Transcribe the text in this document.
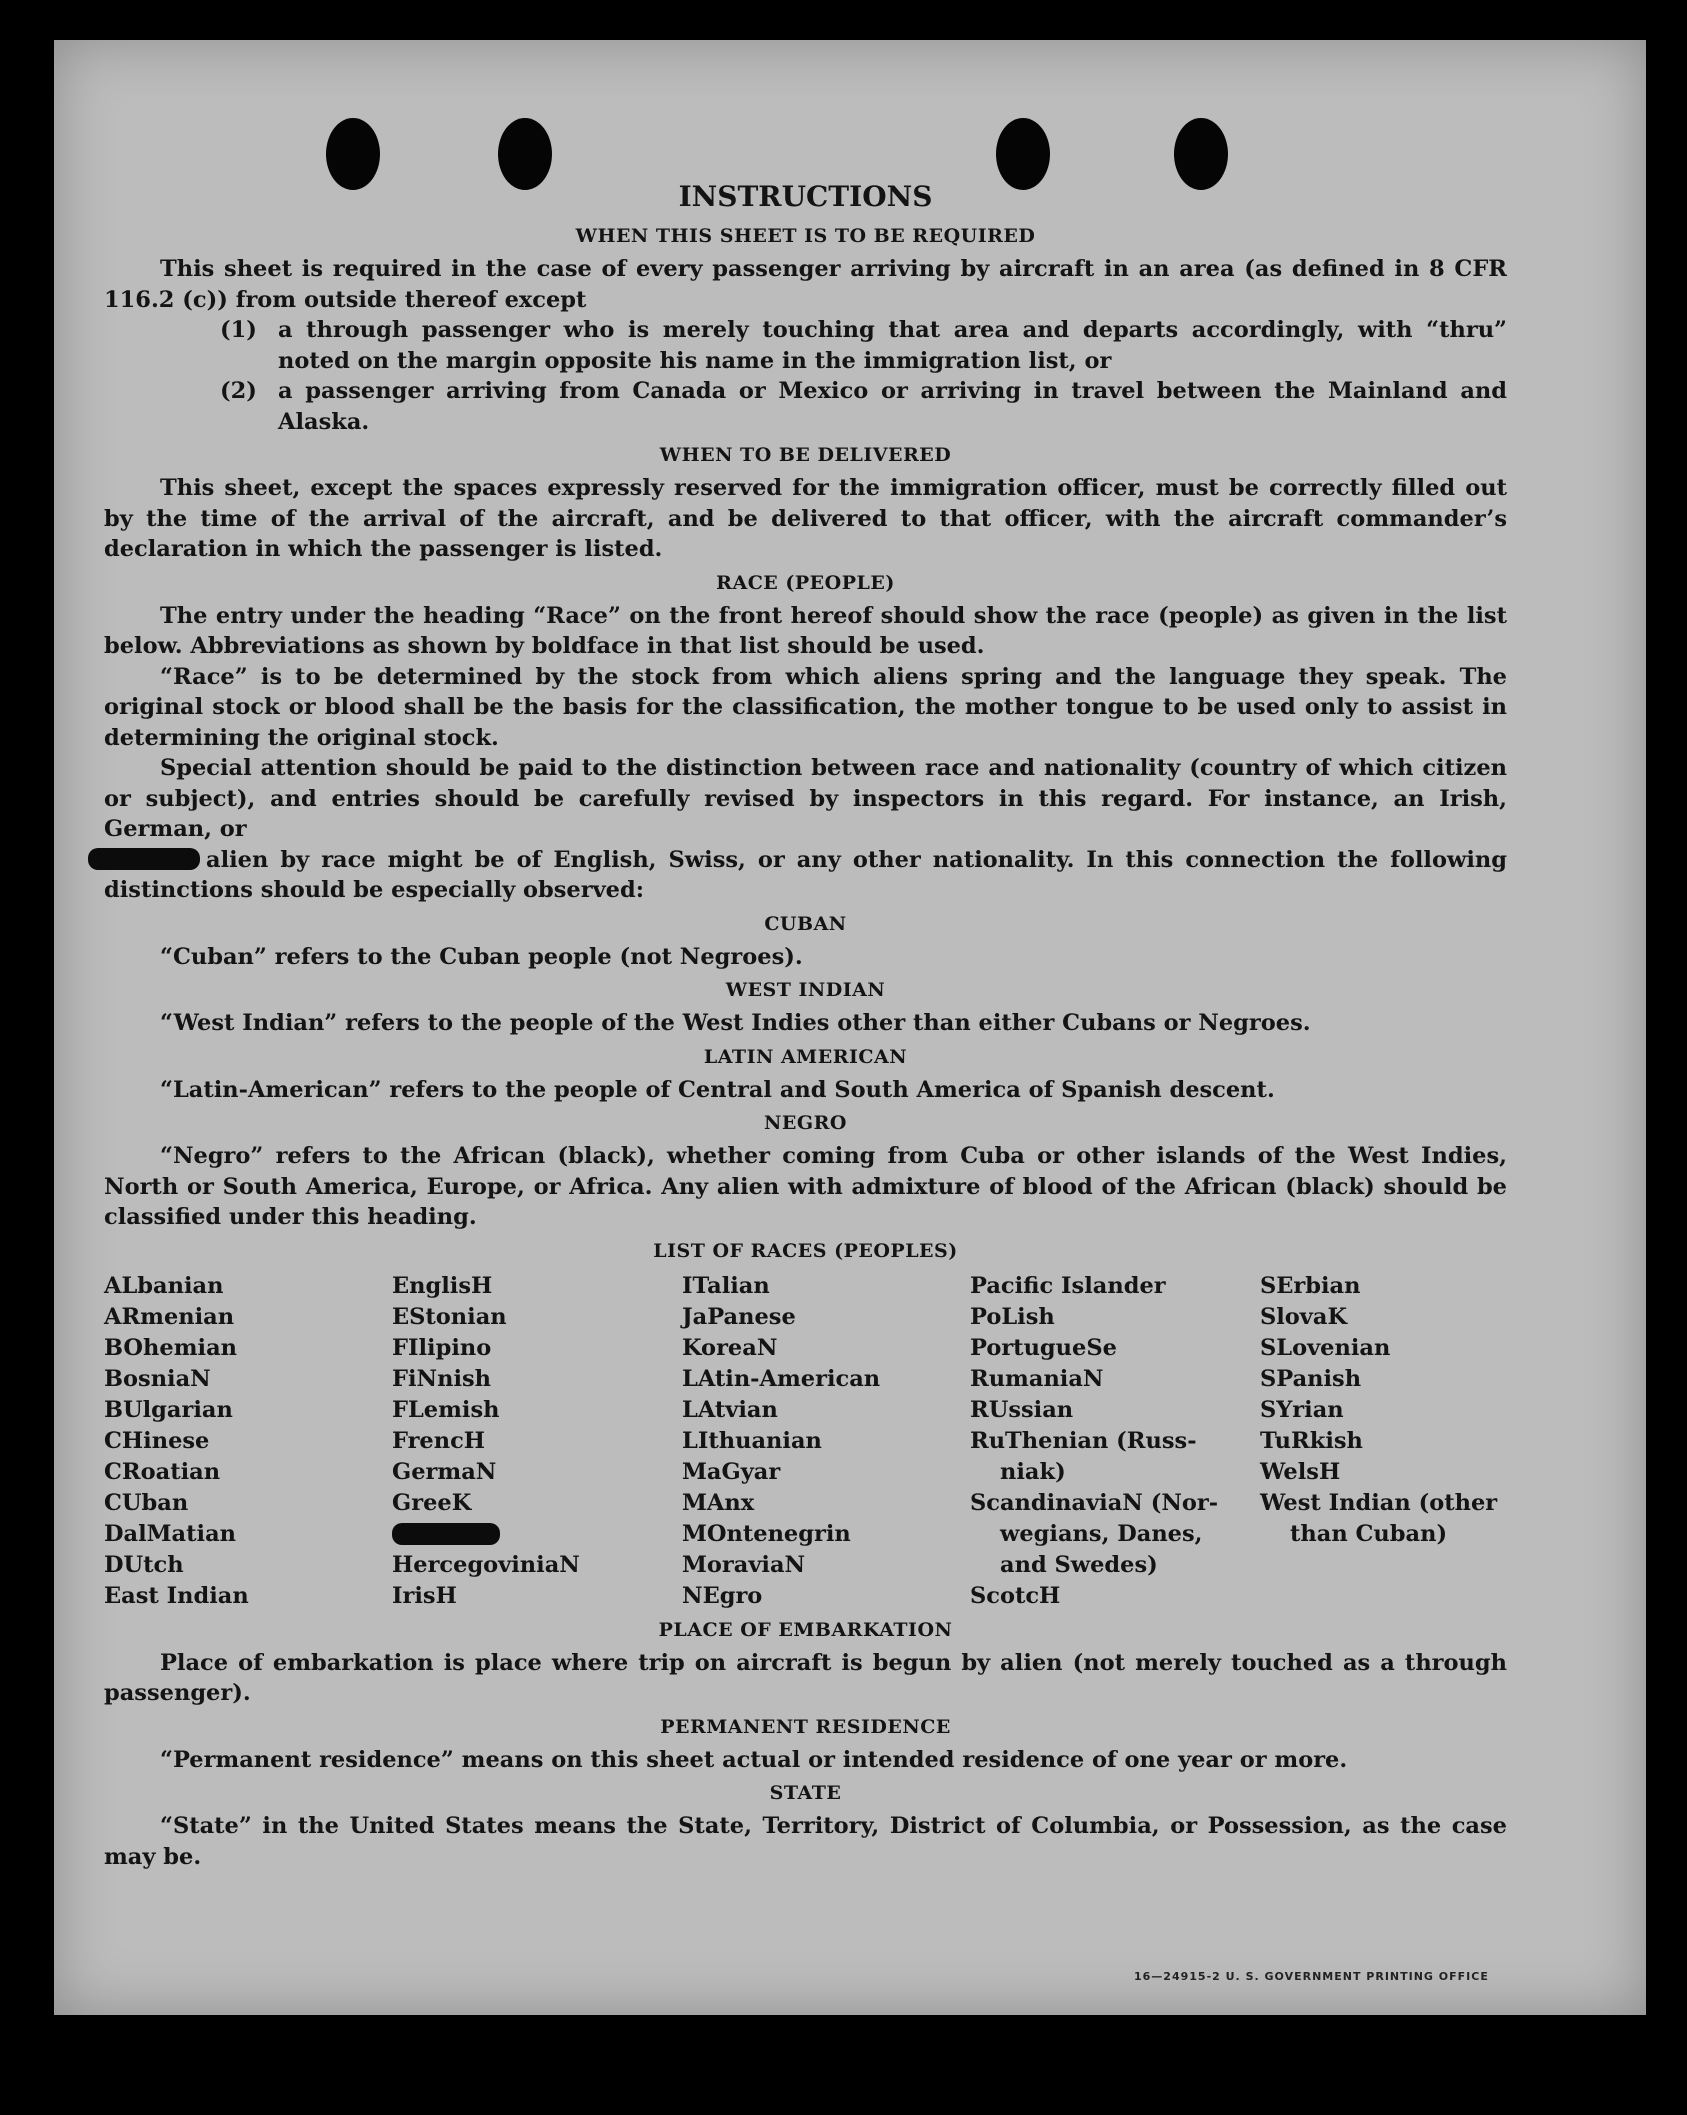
INSTRUCTIONS
WHEN THIS SHEET IS TO BE REQUIRED

This sheet is required in the case of every passenger arriving by aircraft in an area (as defined in 8 CFR 116.2 (c)) from outside thereof except

(1) a through passenger who is merely touching that area and departs accordingly, with “thru” noted on the margin opposite his name in the immigration list, or

(2) a passenger arriving from Canada or Mexico or arriving in travel between the Mainland and Alaska.

WHEN TO BE DELIVERED

This sheet, except the spaces expressly reserved for the immigration officer, must be correctly filled out by the time of the arrival of the aircraft, and be delivered to that officer, with the aircraft commander’s declaration in which the passenger is listed.

RACE (PEOPLE)

The entry under the heading “Race” on the front hereof should show the race (people) as given in the list below. Abbreviations as shown by boldface in that list should be used.

“Race” is to be determined by the stock from which aliens spring and the language they speak. The original stock or blood shall be the basis for the classification, the mother tongue to be used only to assist in determining the original stock.

Special attention should be paid to the distinction between race and nationality (country of which citizen or subject), and entries should be carefully revised by inspectors in this regard. For instance, an Irish, German, or
alien by race might be of English, Swiss, or any other nationality. In this connection the following distinctions should be especially observed:

CUBAN

“Cuban” refers to the Cuban people (not Negroes).

WEST INDIAN

“West Indian” refers to the people of the West Indies other than either Cubans or Negroes.

LATIN AMERICAN

“Latin-American” refers to the people of Central and South America of Spanish descent.

NEGRO

“Negro” refers to the African (black), whether coming from Cuba or other islands of the West Indies, North or South America, Europe, or Africa. Any alien with admixture of blood of the African (black) should be classified under this heading.

LIST OF RACES (PEOPLES)
ALbanian
ARmenian
BOhemian
BosniaN
BUlgarian
CHinese
CRoatian
CUban
DalMatian
DUtch
East Indian
EnglisH
EStonian
FIlipino
FiNnish
FLemish
FrencH
GermaN
GreeK
HercegoviniaN
IrisH
ITalian
JaPanese
KoreaN
LAtin-American
LAtvian
LIthuanian
MaGyar
MAnx
MOntenegrin
MoraviaN
NEgro
Pacific Islander
PoLish
PortugueSe
RumaniaN
RUssian
RuThenian (Russ-
niak)
ScandinaviaN (Nor-
wegians, Danes,
and Swedes)
ScotcH
SErbian
SlovaK
SLovenian
SPanish
SYrian
TuRkish
WelsH
West Indian (other
than Cuban)
PLACE OF EMBARKATION

Place of embarkation is place where trip on aircraft is begun by alien (not merely touched as a through passenger).

PERMANENT RESIDENCE

“Permanent residence” means on this sheet actual or intended residence of one year or more.

STATE

“State” in the United States means the State, Territory, District of Columbia, or Possession, as the case may be.

16—24915-2 U. S. GOVERNMENT PRINTING OFFICE
